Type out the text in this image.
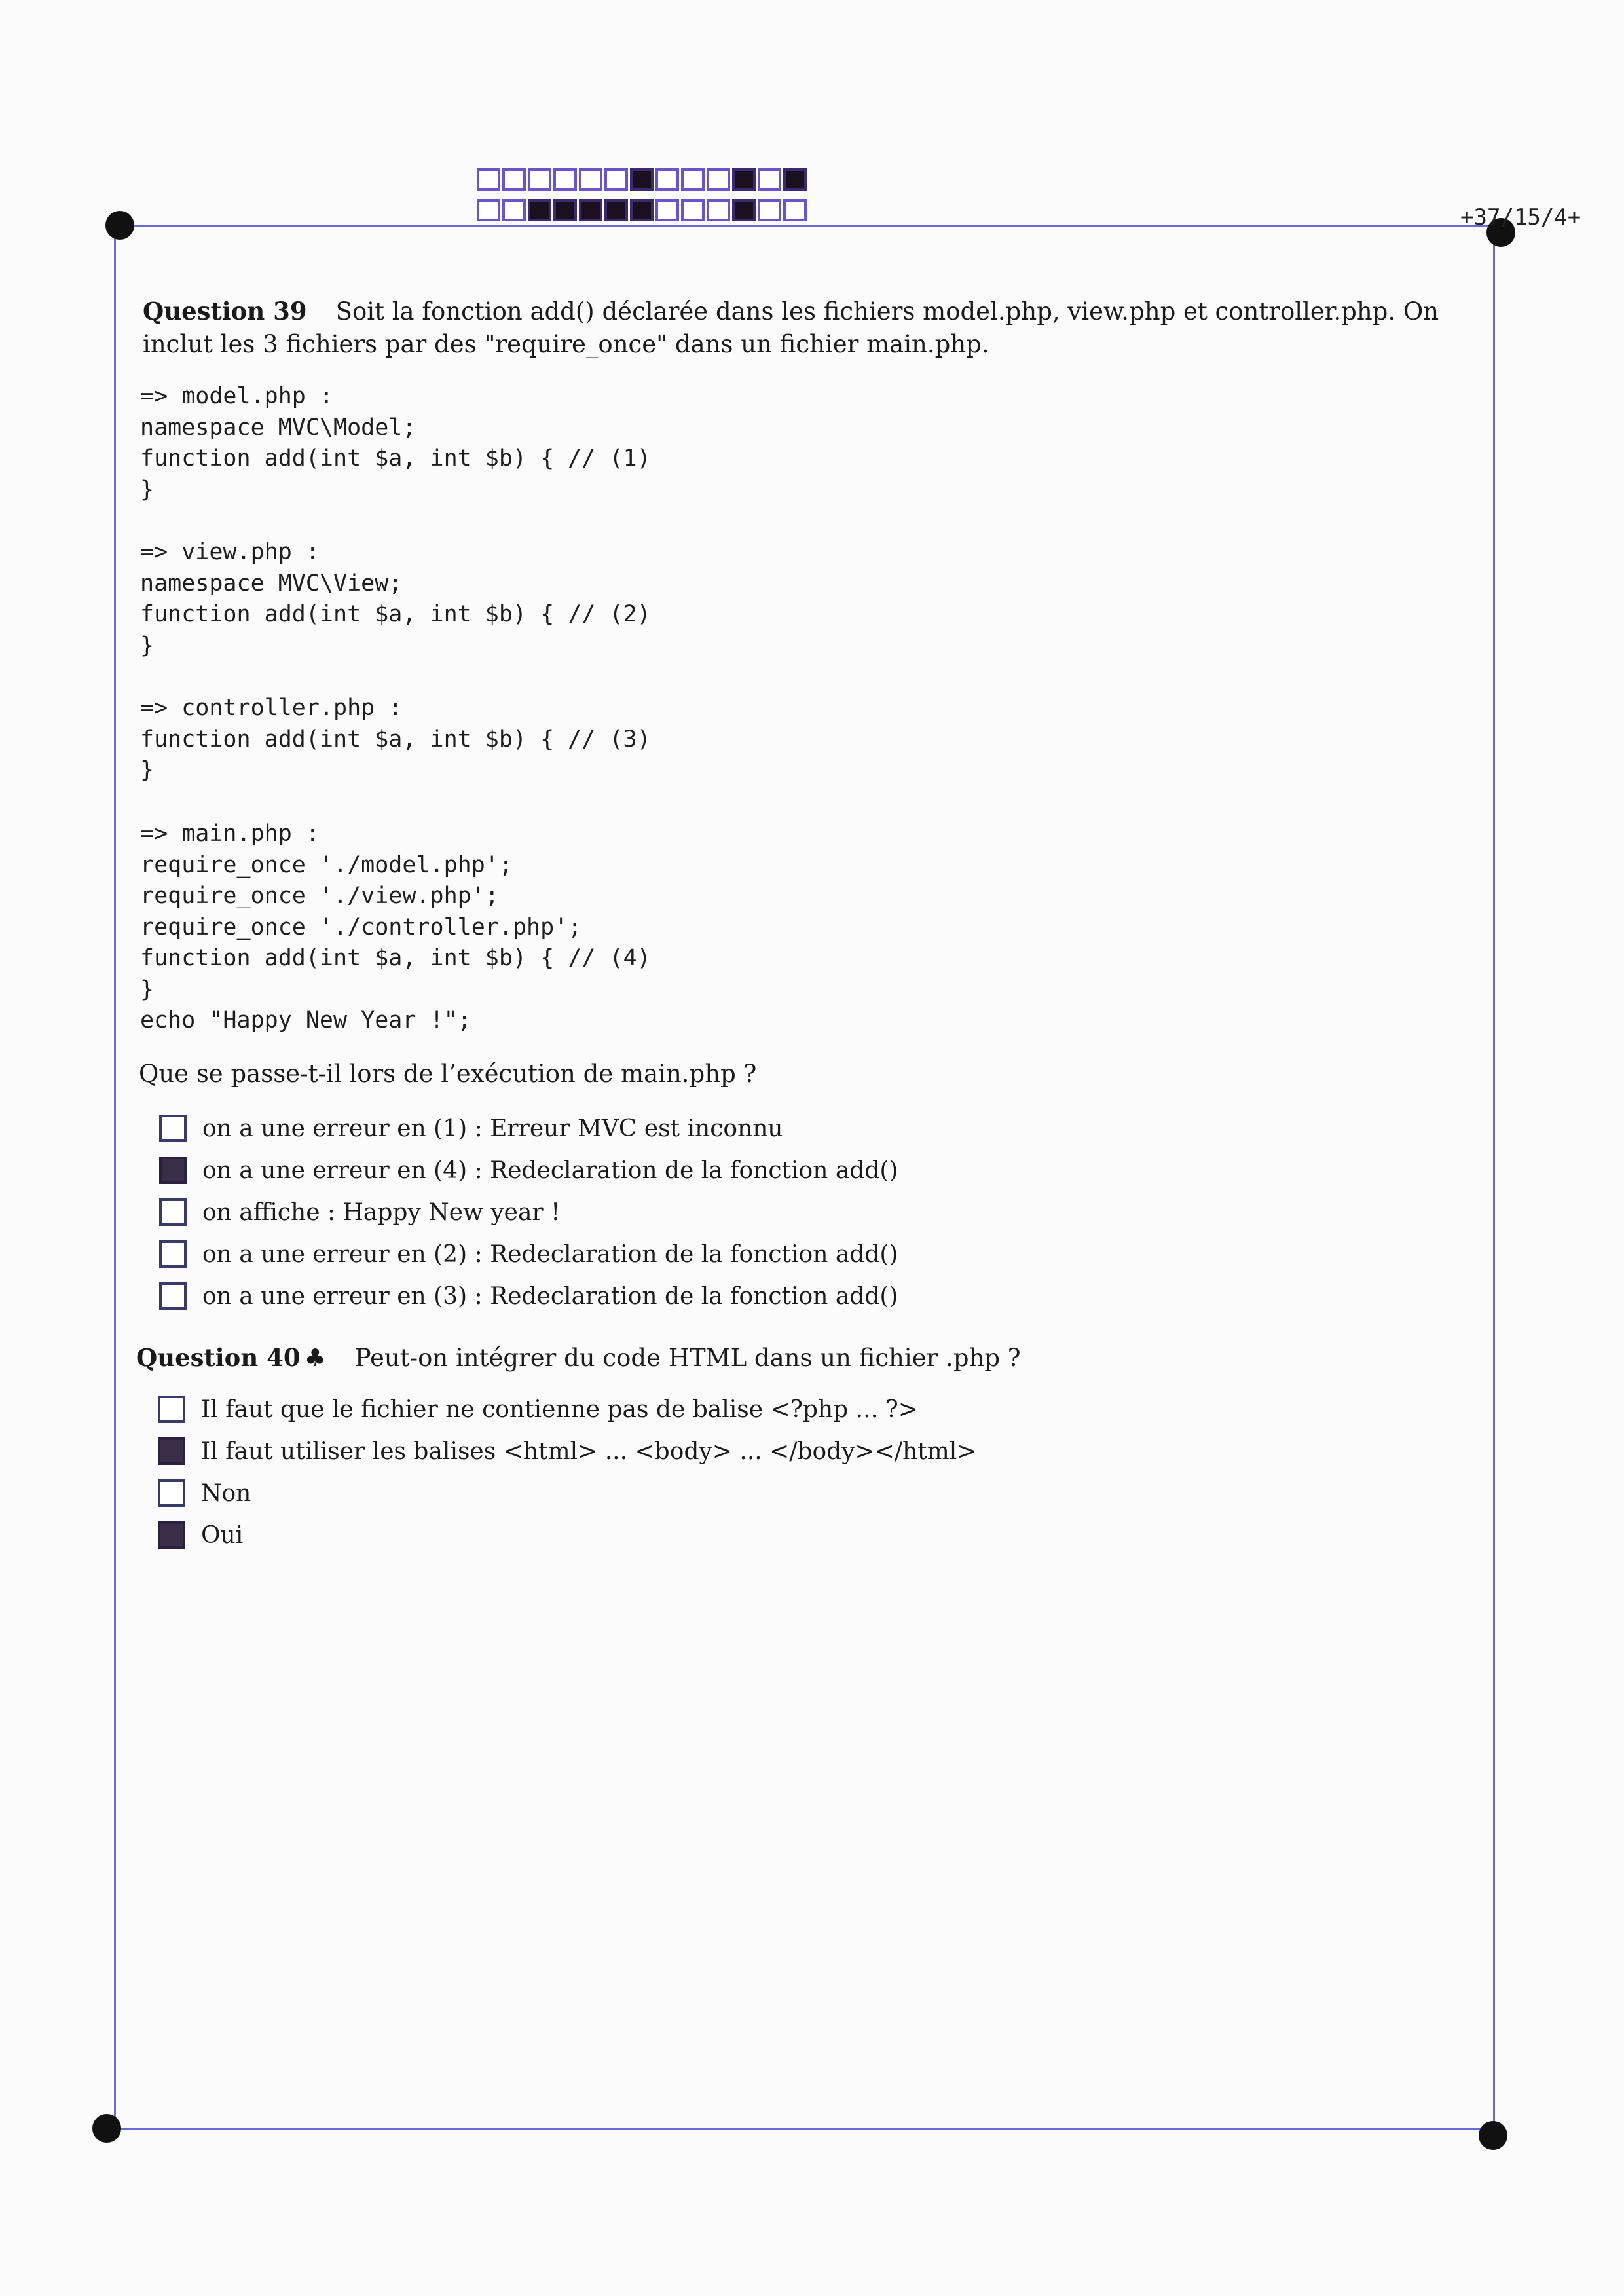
+37/15/4+
Question 39 Soit la fonction add() déclarée dans les fichiers model.php, view.php et controller.php. On inclut les 3 fichiers par des "require_once" dans un fichier main.php.
=> model.php :
namespace MVC\Model;
function add(int $a, int $b) { // (1)
}
=> view.php :
namespace MVC\View;
function add(int $a, int $b) { // (2)
}
=> controller.php :
function add(int $a, int $b) { // (3)
}
=> main.php :
require_once './model.php';
require_once './view.php';
require_once './controller.php';
function add(int $a, int $b) { // (4)
}
echo "Happy New Year !";
Que se passe-t-il lors de l’exécution de main.php ?
on a une erreur en (1) : Erreur MVC est inconnu
on a une erreur en (4) : Redeclaration de la fonction add()
on affiche : Happy New year !
on a une erreur en (2) : Redeclaration de la fonction add()
on a une erreur en (3) : Redeclaration de la fonction add()
Question 40 ♣ Peut-on intégrer du code HTML dans un fichier .php ?
Il faut que le fichier ne contienne pas de balise <?php ... ?>
Il faut utiliser les balises <html> ... <body> ... </body></html>
Non
Oui
